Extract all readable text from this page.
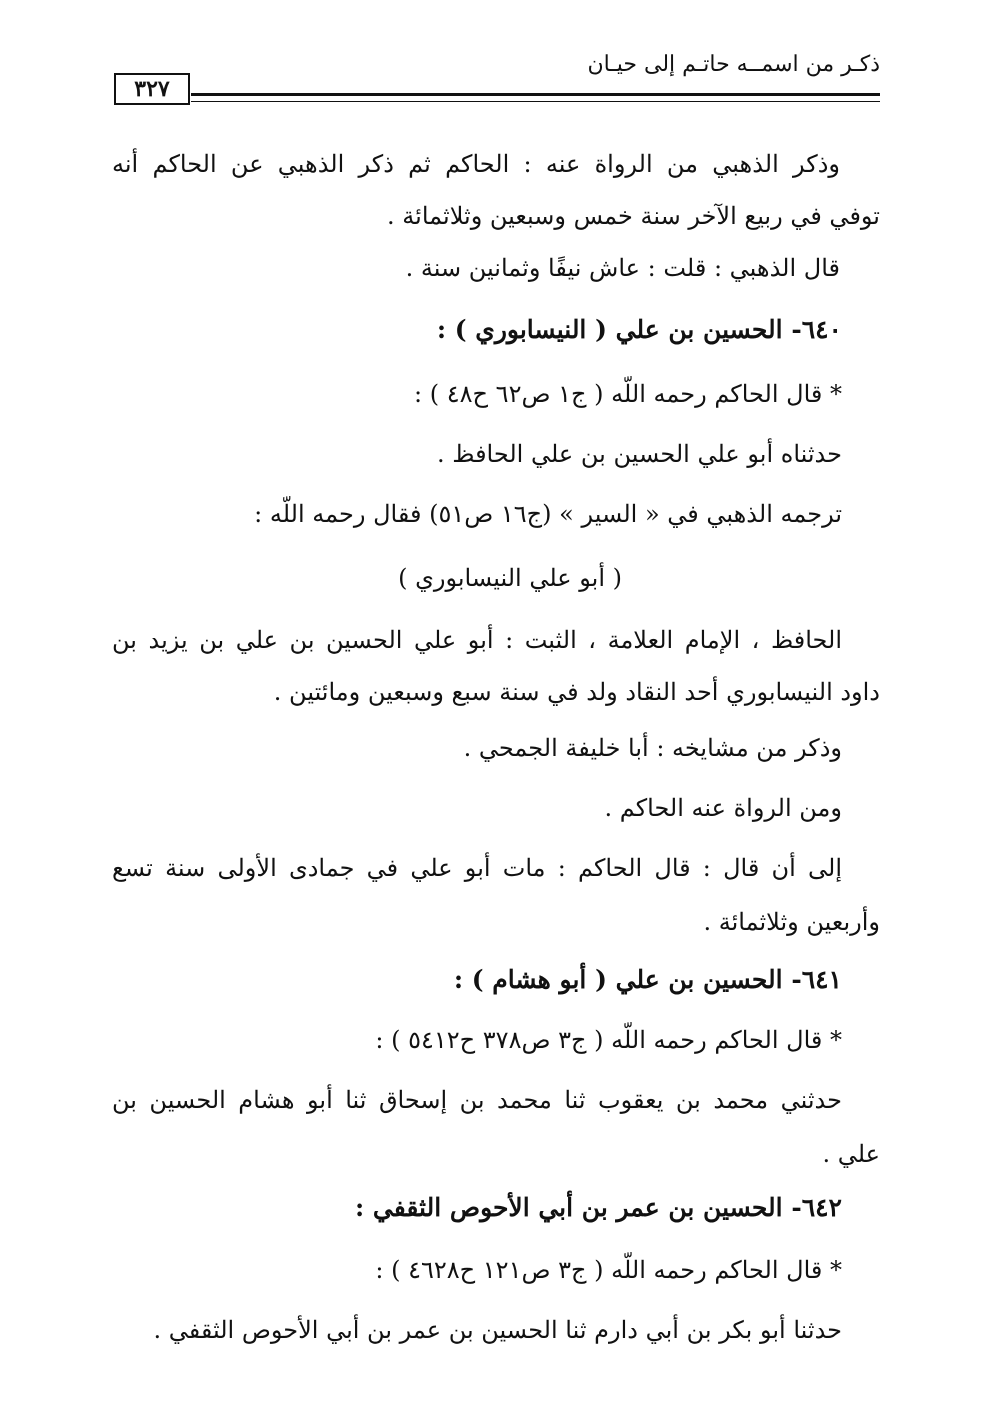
ذكـر من اسمــه حاتـم إلى حيـان
٣٢٧
وذكر الذهبي من الرواة عنه : الحاكم ثم ذكر الذهبي عن الحاكم أنه
توفي في ربيع الآخر سنة خمس وسبعين وثلاثمائة .
قال الذهبي : قلت : عاش نيفًا وثمانين سنة .
٦٤٠- الحسين بن علي ( النيسابوري ) :
* قال الحاكم رحمه اللَّه ( ج١ ص٦٢ ح٤٨ ) :
حدثناه أبو علي الحسين بن علي الحافظ .
ترجمه الذهبي في « السير » (ج١٦ ص٥١) فقال رحمه اللَّه :
( أبو علي النيسابوري )
الحافظ ، الإمام العلامة ، الثبت : أبو علي الحسين بن علي بن يزيد بن
داود النيسابوري أحد النقاد ولد في سنة سبع وسبعين ومائتين .
وذكر من مشايخه : أبا خليفة الجمحي .
ومن الرواة عنه الحاكم .
إلى أن قال : قال الحاكم : مات أبو علي في جمادى الأولى سنة تسع
وأربعين وثلاثمائة .
٦٤١- الحسين بن علي ( أبو هشام ) :
* قال الحاكم رحمه اللَّه ( ج٣ ص٣٧٨ ح٥٤١٢ ) :
حدثني محمد بن يعقوب ثنا محمد بن إسحاق ثنا أبو هشام الحسين بن
علي .
٦٤٢- الحسين بن عمر بن أبي الأحوص الثقفي :
* قال الحاكم رحمه اللَّه ( ج٣ ص١٢١ ح٤٦٢٨ ) :
حدثنا أبو بكر بن أبي دارم ثنا الحسين بن عمر بن أبي الأحوص الثقفي .
